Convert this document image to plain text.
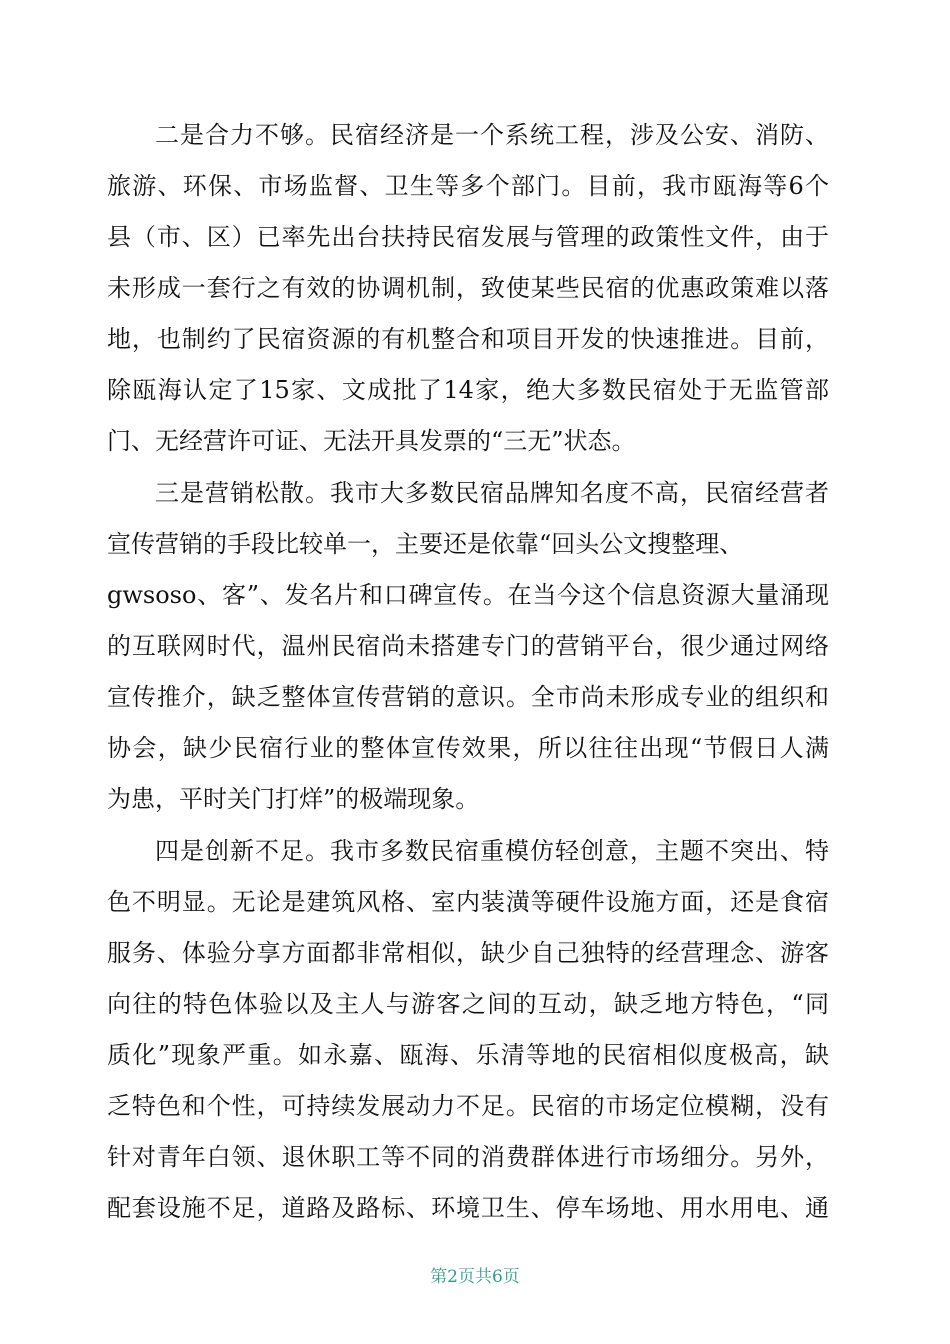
二是合力不够。民宿经济是一个系统工程，涉及公安、消防、
旅游、环保、市场监督、卫生等多个部门。目前，我市瓯海等6个
县（市、区）已率先出台扶持民宿发展与管理的政策性文件，由于
未形成一套行之有效的协调机制，致使某些民宿的优惠政策难以落
地，也制约了民宿资源的有机整合和项目开发的快速推进。目前，
除瓯海认定了15家、文成批了14家，绝大多数民宿处于无监管部
门、无经营许可证、无法开具发票的“三无”状态。
三是营销松散。我市大多数民宿品牌知名度不高，民宿经营者
宣传营销的手段比较单一，主要还是依靠“回头公文搜整理、
gwsoso、客”、发名片和口碑宣传。在当今这个信息资源大量涌现
的互联网时代，温州民宿尚未搭建专门的营销平台，很少通过网络
宣传推介，缺乏整体宣传营销的意识。全市尚未形成专业的组织和
协会，缺少民宿行业的整体宣传效果，所以往往出现“节假日人满
为患，平时关门打烊”的极端现象。
四是创新不足。我市多数民宿重模仿轻创意，主题不突出、特
色不明显。无论是建筑风格、室内装潢等硬件设施方面，还是食宿
服务、体验分享方面都非常相似，缺少自己独特的经营理念、游客
向往的特色体验以及主人与游客之间的互动，缺乏地方特色，“同
质化”现象严重。如永嘉、瓯海、乐清等地的民宿相似度极高，缺
乏特色和个性，可持续发展动力不足。民宿的市场定位模糊，没有
针对青年白领、退休职工等不同的消费群体进行市场细分。另外，
配套设施不足，道路及路标、环境卫生、停车场地、用水用电、通
第2页共6页
